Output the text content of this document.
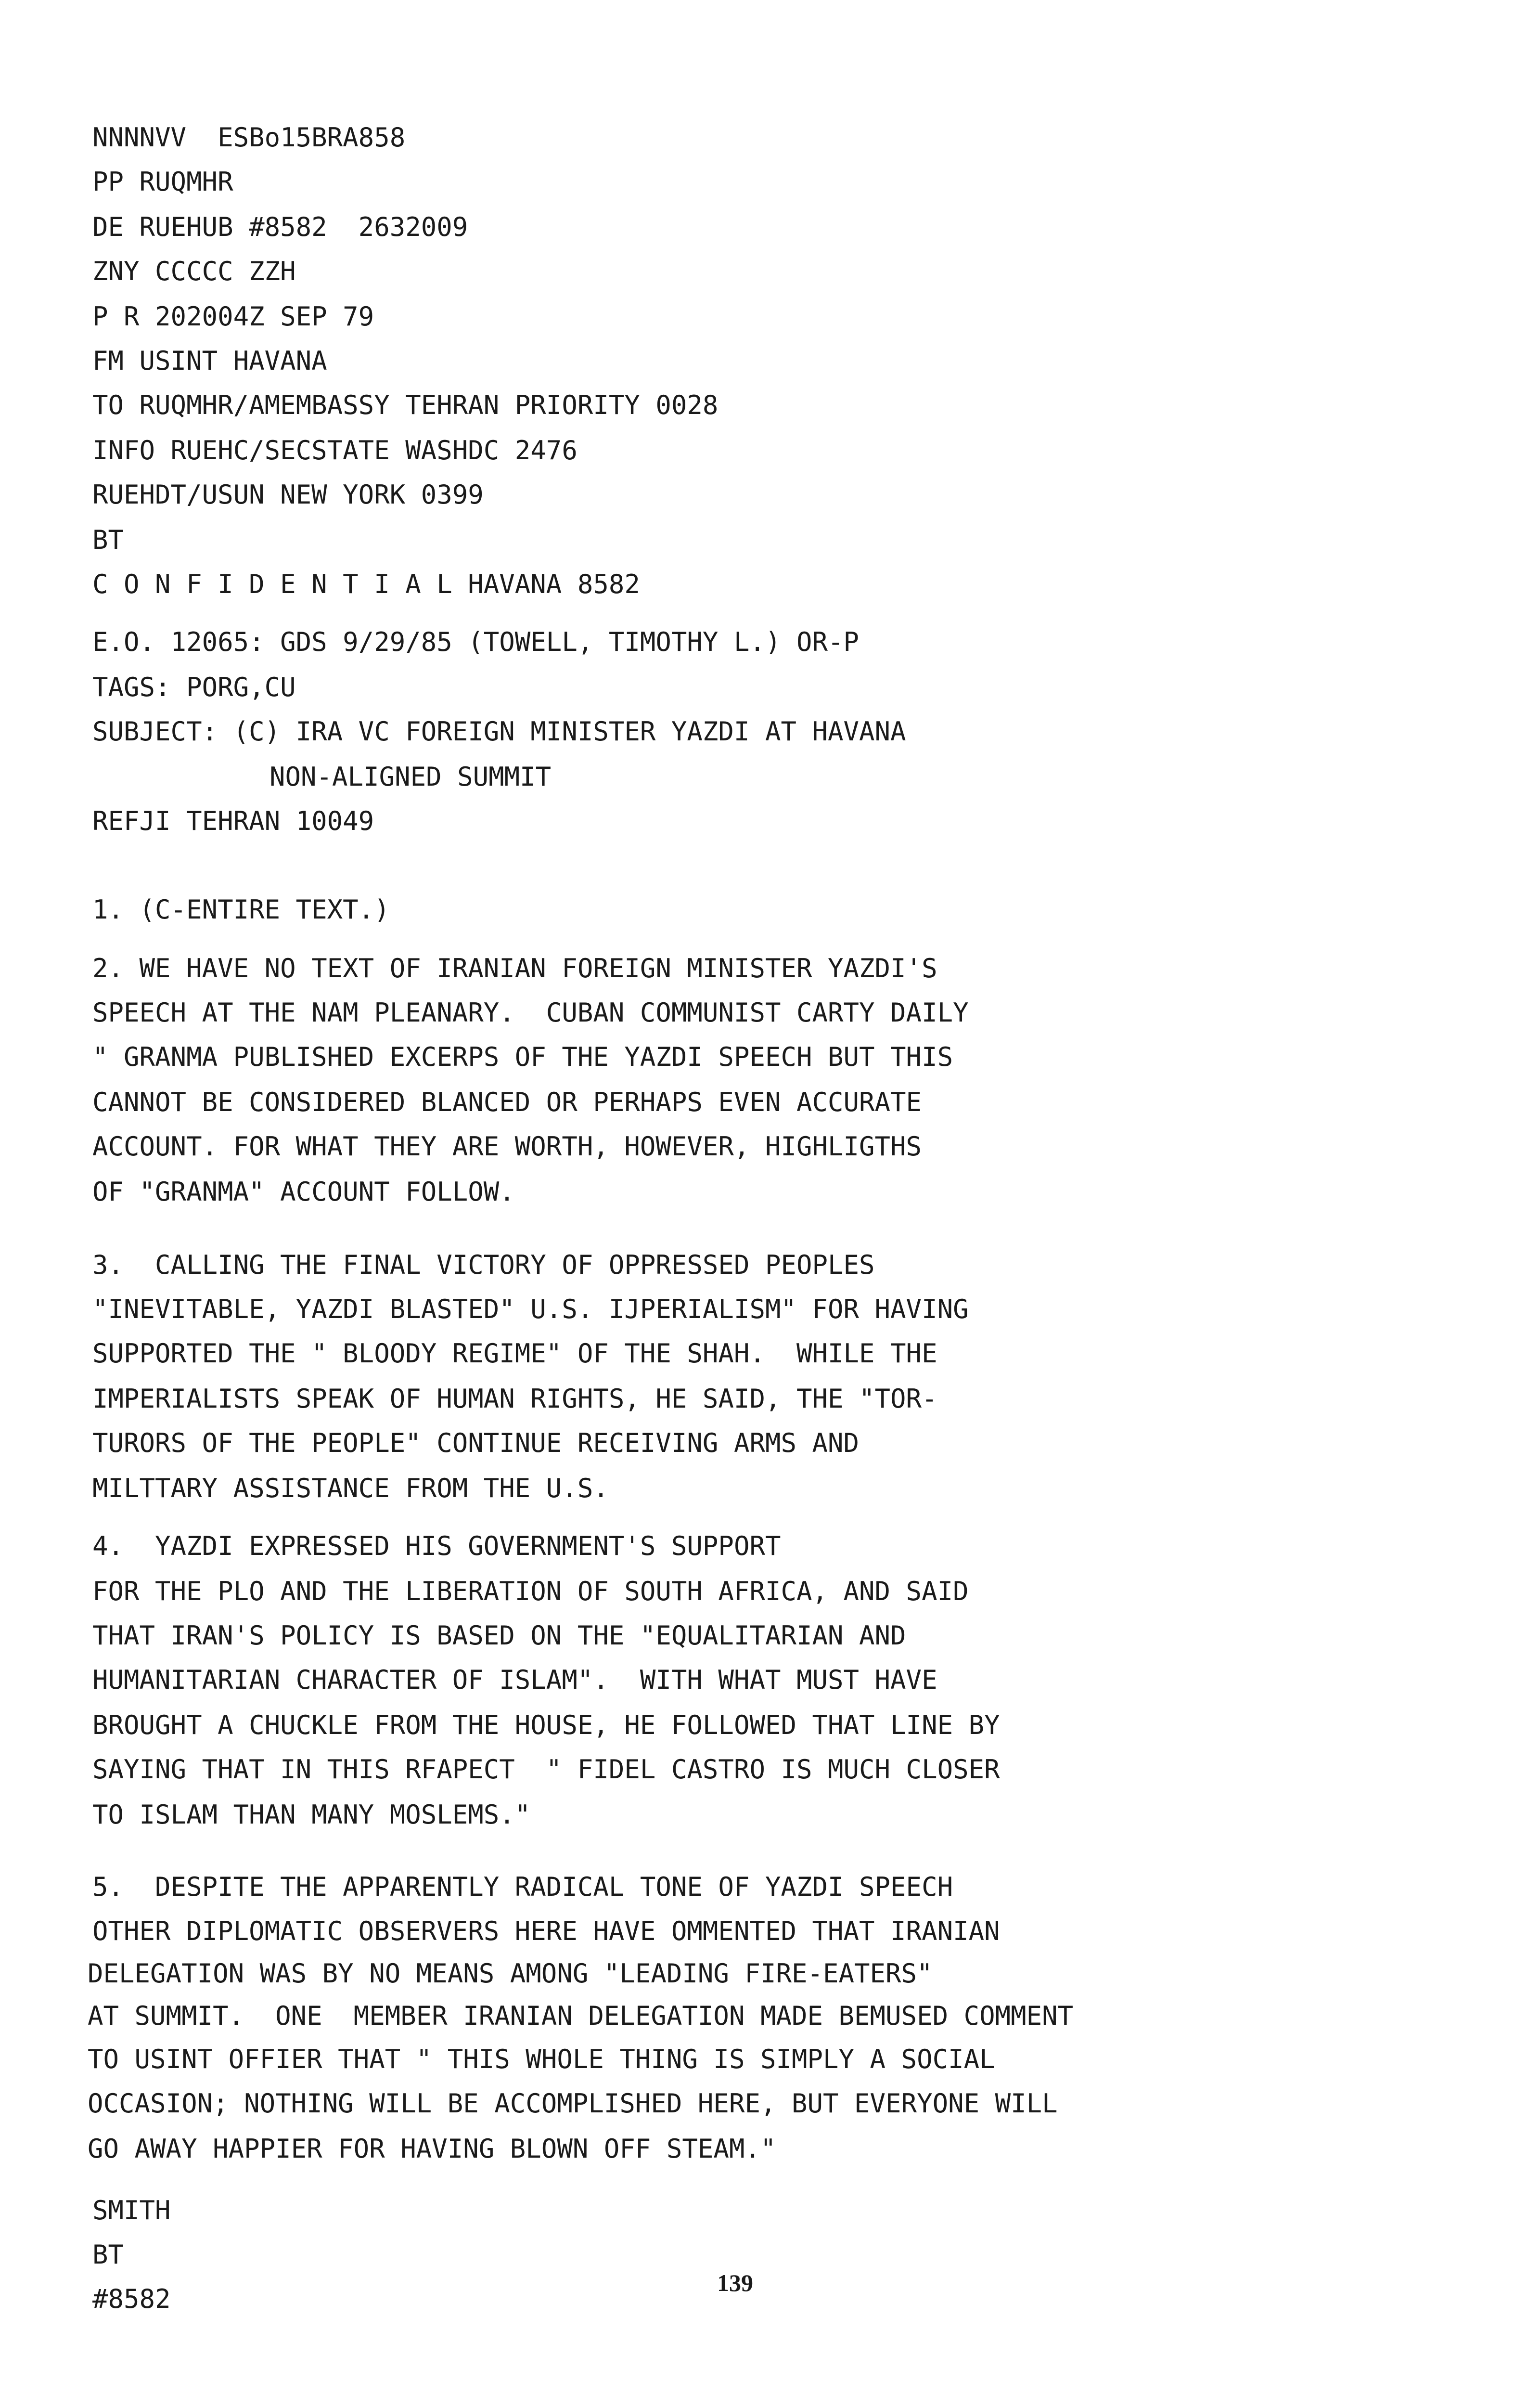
NNNNVV  ESBo15BRA858
PP RUQMHR
DE RUEHUB #8582  2632009
ZNY CCCCC ZZH
P R 202004Z SEP 79
FM USINT HAVANA
TO RUQMHR/AMEMBASSY TEHRAN PRIORITY 0028
INFO RUEHC/SECSTATE WASHDC 2476
RUEHDT/USUN NEW YORK 0399
BT
C O N F I D E N T I A L HAVANA 8582
E.O. 12065: GDS 9/29/85 (TOWELL, TIMOTHY L.) OR-P
TAGS: PORG,CU
SUBJECT: (C) IRA VC FOREIGN MINISTER YAZDI AT HAVANA
NON-ALIGNED SUMMIT
REFJI TEHRAN 10049
1. (C-ENTIRE TEXT.)
2. WE HAVE NO TEXT OF IRANIAN FOREIGN MINISTER YAZDI'S
SPEECH AT THE NAM PLEANARY.  CUBAN COMMUNIST CARTY DAILY
" GRANMA PUBLISHED EXCERPS OF THE YAZDI SPEECH BUT THIS
CANNOT BE CONSIDERED BLANCED OR PERHAPS EVEN ACCURATE
ACCOUNT. FOR WHAT THEY ARE WORTH, HOWEVER, HIGHLIGTHS
OF "GRANMA" ACCOUNT FOLLOW.
3.  CALLING THE FINAL VICTORY OF OPPRESSED PEOPLES
"INEVITABLE, YAZDI BLASTED" U.S. IJPERIALISM" FOR HAVING
SUPPORTED THE " BLOODY REGIME" OF THE SHAH.  WHILE THE
IMPERIALISTS SPEAK OF HUMAN RIGHTS, HE SAID, THE "TOR-
TURORS OF THE PEOPLE" CONTINUE RECEIVING ARMS AND
MILTTARY ASSISTANCE FROM THE U.S.
4.  YAZDI EXPRESSED HIS GOVERNMENT'S SUPPORT
FOR THE PLO AND THE LIBERATION OF SOUTH AFRICA, AND SAID
THAT IRAN'S POLICY IS BASED ON THE "EQUALITARIAN AND
HUMANITARIAN CHARACTER OF ISLAM".  WITH WHAT MUST HAVE
BROUGHT A CHUCKLE FROM THE HOUSE, HE FOLLOWED THAT LINE BY
SAYING THAT IN THIS RFAPECT  " FIDEL CASTRO IS MUCH CLOSER
TO ISLAM THAN MANY MOSLEMS."
5.  DESPITE THE APPARENTLY RADICAL TONE OF YAZDI SPEECH
OTHER DIPLOMATIC OBSERVERS HERE HAVE OMMENTED THAT IRANIAN
DELEGATION WAS BY NO MEANS AMONG "LEADING FIRE-EATERS"
AT SUMMIT.  ONE  MEMBER IRANIAN DELEGATION MADE BEMUSED COMMENT
TO USINT OFFIER THAT " THIS WHOLE THING IS SIMPLY A SOCIAL
OCCASION; NOTHING WILL BE ACCOMPLISHED HERE, BUT EVERYONE WILL
GO AWAY HAPPIER FOR HAVING BLOWN OFF STEAM."
SMITH
BT
#8582
139
